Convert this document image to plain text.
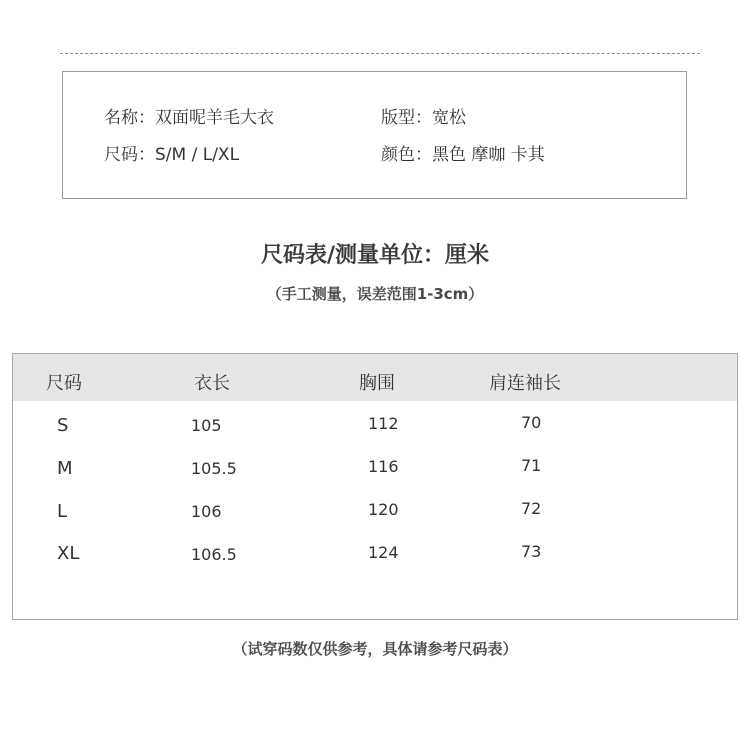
名称：双面呢羊毛大衣	版型：宽松
尺码：S/M / L/XL	颜色：黑色 摩咖 卡其
尺码表/测量单位：厘米
（手工测量，误差范围1-3cm）
尺码	衣长	胸围	肩连袖长
S	105	112	70
M	105.5	116	71
L	106	120	72
XL	106.5	124	73
（试穿码数仅供参考，具体请参考尺码表）
